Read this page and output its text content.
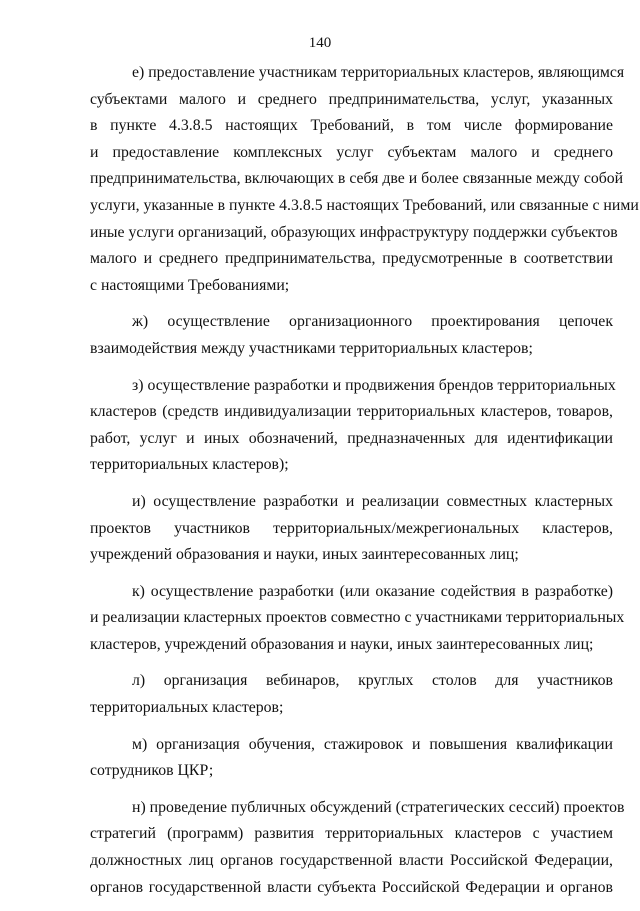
140

е) предоставление участникам территориальных кластеров, являющимся
субъектами малого и среднего предпринимательства, услуг, указанных
в пункте 4.3.8.5 настоящих Требований, в том числе формирование
и предоставление комплексных услуг субъектам малого и среднего
предпринимательства, включающих в себя две и более связанные между собой
услуги, указанные в пункте 4.3.8.5 настоящих Требований, или связанные с ними
иные услуги организаций, образующих инфраструктуру поддержки субъектов
малого и среднего предпринимательства, предусмотренные в соответствии
с настоящими Требованиями;

ж) осуществление организационного проектирования цепочек
взаимодействия между участниками территориальных кластеров;

з) осуществление разработки и продвижения брендов территориальных
кластеров (средств индивидуализации территориальных кластеров, товаров,
работ, услуг и иных обозначений, предназначенных для идентификации
территориальных кластеров);

и) осуществление разработки и реализации совместных кластерных
проектов участников территориальных/межрегиональных кластеров,
учреждений образования и науки, иных заинтересованных лиц;

к) осуществление разработки (или оказание содействия в разработке)
и реализации кластерных проектов совместно с участниками территориальных
кластеров, учреждений образования и науки, иных заинтересованных лиц;

л) организация вебинаров, круглых столов для участников
территориальных кластеров;

м) организация обучения, стажировок и повышения квалификации
сотрудников ЦКР;

н) проведение публичных обсуждений (стратегических сессий) проектов
стратегий (программ) развития территориальных кластеров с участием
должностных лиц органов государственной власти Российской Федерации,
органов государственной власти субъекта Российской Федерации и органов
